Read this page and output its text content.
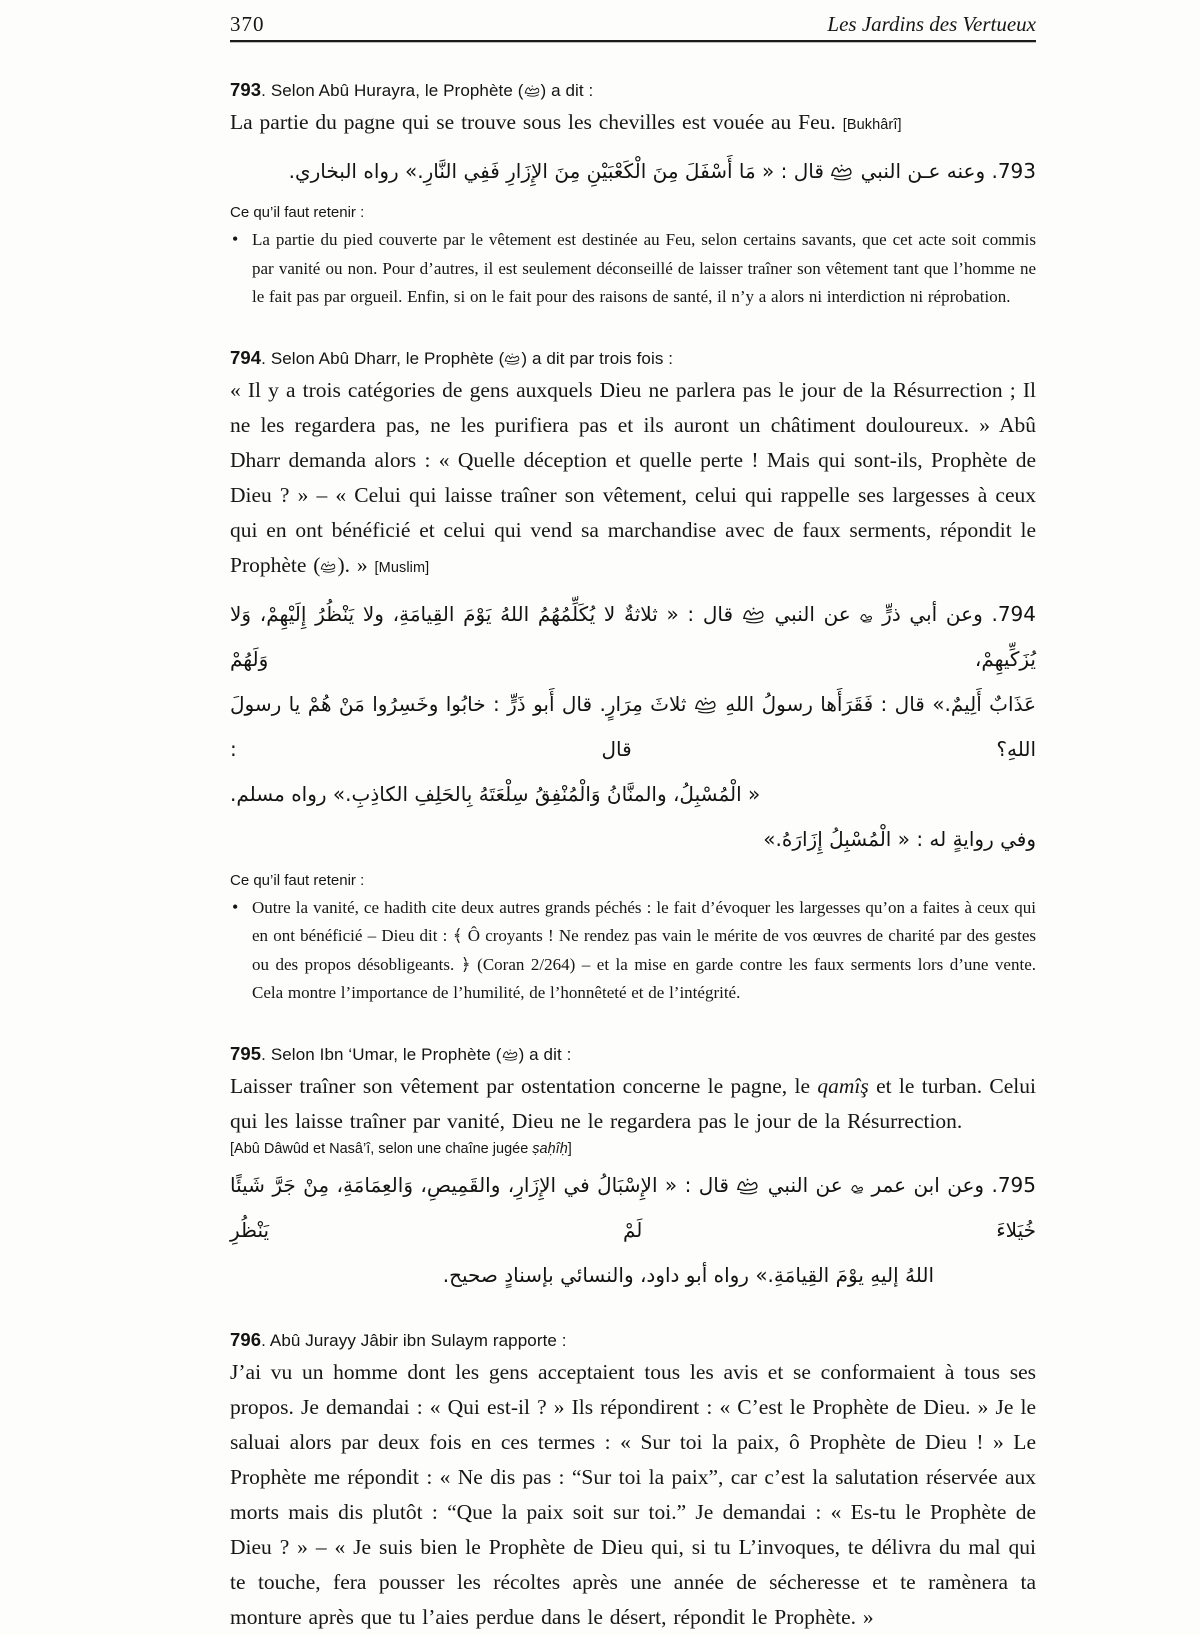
370	Les Jardins des Vertueux
793. Selon Abû Hurayra, le Prophète ( ) a dit :
La partie du pagne qui se trouve sous les chevilles est vouée au Feu. [Bukhârî]
793. وعنه عـن النبي  قال : « مَا أَسْفَلَ مِنَ الْكَعْبَيْنِ مِنَ الإِزَارِ فَفِي النَّارِ.» رواه البخاري.
Ce qu’il faut retenir :
• La partie du pied couverte par le vêtement est destinée au Feu, selon certains savants, que cet acte soit commis par vanité ou non. Pour d’autres, il est seulement déconseillé de laisser traîner son vêtement tant que l’homme ne le fait pas par orgueil. Enfin, si on le fait pour des raisons de santé, il n’y a alors ni interdiction ni réprobation.
794. Selon Abû Dharr, le Prophète ( ) a dit par trois fois :
« Il y a trois catégories de gens auxquels Dieu ne parlera pas le jour de la Résurrection ; Il ne les regardera pas, ne les purifiera pas et ils auront un châtiment douloureux. » Abû Dharr demanda alors : « Quelle déception et quelle perte ! Mais qui sont-ils, Prophète de Dieu ? » – « Celui qui laisse traîner son vêtement, celui qui rappelle ses largesses à ceux qui en ont bénéficié et celui qui vend sa marchandise avec de faux serments, répondit le Prophète ( ). » [Muslim]
794. وعن أبي ذرٍّ  عن النبي  قال : « ثلاثةٌ لا يُكَلِّمُهُمُ اللهُ يَوْمَ القِيامَةِ، ولا يَنْظُرُ إِلَيْهِمْ، وَلا يُزَكِّيهِمْ، وَلَهُمْ
عَذَابٌ أَلِيمٌ.» قال : فَقَرَأَها رسولُ اللهِ  ثلاثَ مِرَارٍ. قال أَبو ذَرٍّ : خابُوا وخَسِرُوا مَنْ هُمْ يا رسولَ اللهِ؟ قال :
« الْمُسْبِلُ، والمنَّانُ وَالْمُنْفِقُ سِلْعَتَهُ بِالحَلِفِ الكاذِبِ.» رواه مسلم.
وفي روايةٍ له : « الْمُسْبِلُ إِزَارَهُ.»
Ce qu’il faut retenir :
• Outre la vanité, ce hadith cite deux autres grands péchés : le fait d’évoquer les largesses qu’on a faites à ceux qui en ont bénéficié – Dieu dit : ﴾ Ô croyants ! Ne rendez pas vain le mérite de vos œuvres de charité par des gestes ou des propos désobligeants. ﴿ (Coran 2/264) – et la mise en garde contre les faux serments lors d’une vente. Cela montre l’importance de l’humilité, de l’honnêteté et de l’intégrité.
795. Selon Ibn ‘Umar, le Prophète ( ) a dit :
Laisser traîner son vêtement par ostentation concerne le pagne, le qamîş et le turban. Celui qui les laisse traîner par vanité, Dieu ne le regardera pas le jour de la Résurrection.
[Abû Dâwûd et Nasâ’î, selon une chaîne jugée ṣaḥîḥ]
795. وعن ابن عمر  عن النبي  قال : « الإِسْبَالُ في الإِزَارِ، والقَمِيصِ، وَالعِمَامَةِ، مِنْ جَرَّ شَيئًا خُيَلاءَ لَمْ يَنْظُرِ
اللهُ إليهِ يوْمَ القِيامَةِ.» رواه أبو داود، والنسائي بإسنادٍ صحيح.
796. Abû Jurayy Jâbir ibn Sulaym rapporte :
J’ai vu un homme dont les gens acceptaient tous les avis et se conformaient à tous ses propos. Je demandai : « Qui est-il ? » Ils répondirent : « C’est le Prophète de Dieu. » Je le saluai alors par deux fois en ces termes : « Sur toi la paix, ô Prophète de Dieu ! » Le Prophète me répondit : « Ne dis pas : “Sur toi la paix”, car c’est la salutation réservée aux morts mais dis plutôt : “Que la paix soit sur toi.” Je demandai : « Es-tu le Prophète de Dieu ? » – « Je suis bien le Prophète de Dieu qui, si tu L’invoques, te délivra du mal qui te touche, fera pousser les récoltes après une année de sécheresse et te ramènera ta monture après que tu l’aies perdue dans le désert, répondit le Prophète. »
